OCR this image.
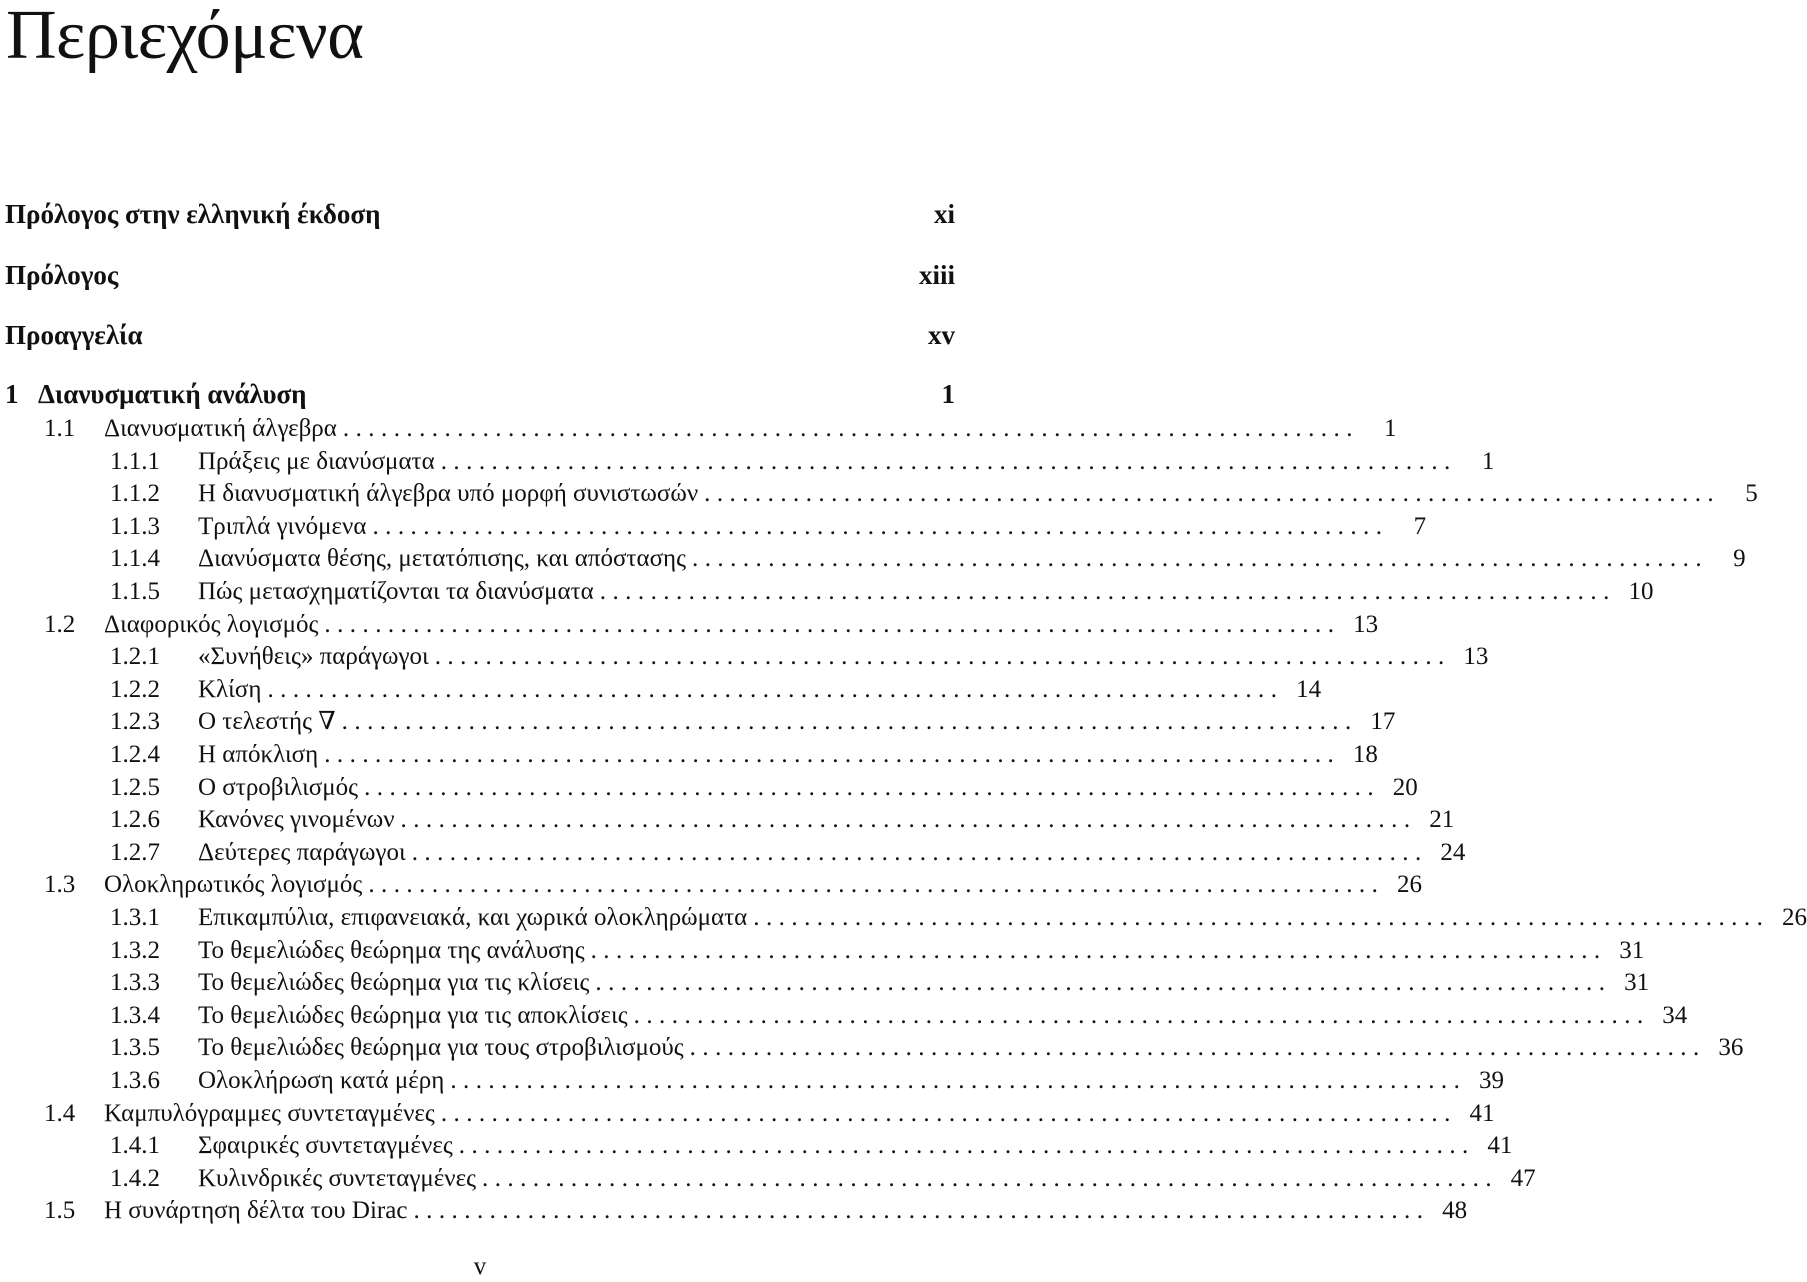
Περιεχόμενα
Πρόλογος στην ελληνική έκδοση	xi
Πρόλογος	xiii
Προαγγελία	xv
1 Διανυσματική ανάλυση	1
1.1	Διανυσματική άλγεβρα . . . . . . . . . . . . . . . . . . . . . . . . . . . . . . . . . . . . . . . . . . . . . . . . . . . . . . . . . . . . . . . . . . . . . . . . . . . . . . . .	1
1.1.1	Πράξεις με διανύσματα . . . . . . . . . . . . . . . . . . . . . . . . . . . . . . . . . . . . . . . . . . . . . . . . . . . . . . . . . . . . . . . . . . . . . . . . . . . . . . . .	1
1.1.2	Η διανυσματική άλγεβρα υπό μορφή συνιστωσών . . . . . . . . . . . . . . . . . . . . . . . . . . . . . . . . . . . . . . . . . . . . . . . . . . . . . . . . . . . . . . . . . . . . . . . . . . . . . . . .	5
1.1.3	Τριπλά γινόμενα . . . . . . . . . . . . . . . . . . . . . . . . . . . . . . . . . . . . . . . . . . . . . . . . . . . . . . . . . . . . . . . . . . . . . . . . . . . . . . . .	7
1.1.4	Διανύσματα θέσης, μετατόπισης, και απόστασης . . . . . . . . . . . . . . . . . . . . . . . . . . . . . . . . . . . . . . . . . . . . . . . . . . . . . . . . . . . . . . . . . . . . . . . . . . . . . . . .	9
1.1.5	Πώς μετασχηματίζονται τα διανύσματα . . . . . . . . . . . . . . . . . . . . . . . . . . . . . . . . . . . . . . . . . . . . . . . . . . . . . . . . . . . . . . . . . . . . . . . . . . . . . . . . 10
1.2	Διαφορικός λογισμός . . . . . . . . . . . . . . . . . . . . . . . . . . . . . . . . . . . . . . . . . . . . . . . . . . . . . . . . . . . . . . . . . . . . . . . . . . . . . . . . 13
1.2.1	«Συνήθεις» παράγωγοι . . . . . . . . . . . . . . . . . . . . . . . . . . . . . . . . . . . . . . . . . . . . . . . . . . . . . . . . . . . . . . . . . . . . . . . . . . . . . . . . 13
1.2.2	Κλίση . . . . . . . . . . . . . . . . . . . . . . . . . . . . . . . . . . . . . . . . . . . . . . . . . . . . . . . . . . . . . . . . . . . . . . . . . . . . . . . . 14
1.2.3	Ο τελεστής ∇ . . . . . . . . . . . . . . . . . . . . . . . . . . . . . . . . . . . . . . . . . . . . . . . . . . . . . . . . . . . . . . . . . . . . . . . . . . . . . . . . 17
1.2.4	Η απόκλιση . . . . . . . . . . . . . . . . . . . . . . . . . . . . . . . . . . . . . . . . . . . . . . . . . . . . . . . . . . . . . . . . . . . . . . . . . . . . . . . . 18
1.2.5	Ο στροβιλισμός . . . . . . . . . . . . . . . . . . . . . . . . . . . . . . . . . . . . . . . . . . . . . . . . . . . . . . . . . . . . . . . . . . . . . . . . . . . . . . . . 20
1.2.6	Κανόνες γινομένων . . . . . . . . . . . . . . . . . . . . . . . . . . . . . . . . . . . . . . . . . . . . . . . . . . . . . . . . . . . . . . . . . . . . . . . . . . . . . . . . 21
1.2.7	Δεύτερες παράγωγοι . . . . . . . . . . . . . . . . . . . . . . . . . . . . . . . . . . . . . . . . . . . . . . . . . . . . . . . . . . . . . . . . . . . . . . . . . . . . . . . . 24
1.3	Ολοκληρωτικός λογισμός . . . . . . . . . . . . . . . . . . . . . . . . . . . . . . . . . . . . . . . . . . . . . . . . . . . . . . . . . . . . . . . . . . . . . . . . . . . . . . . . 26
1.3.1	Επικαμπύλια, επιφανειακά, και χωρικά ολοκληρώματα . . . . . . . . . . . . . . . . . . . . . . . . . . . . . . . . . . . . . . . . . . . . . . . . . . . . . . . . . . . . . . . . . . . . . . . . . . . . . . . . 26
1.3.2	Το θεμελιώδες θεώρημα της ανάλυσης . . . . . . . . . . . . . . . . . . . . . . . . . . . . . . . . . . . . . . . . . . . . . . . . . . . . . . . . . . . . . . . . . . . . . . . . . . . . . . . . 31
1.3.3	Το θεμελιώδες θεώρημα για τις κλίσεις . . . . . . . . . . . . . . . . . . . . . . . . . . . . . . . . . . . . . . . . . . . . . . . . . . . . . . . . . . . . . . . . . . . . . . . . . . . . . . . . 31
1.3.4	Το θεμελιώδες θεώρημα για τις αποκλίσεις . . . . . . . . . . . . . . . . . . . . . . . . . . . . . . . . . . . . . . . . . . . . . . . . . . . . . . . . . . . . . . . . . . . . . . . . . . . . . . . . 34
1.3.5	Το θεμελιώδες θεώρημα για τους στροβιλισμούς . . . . . . . . . . . . . . . . . . . . . . . . . . . . . . . . . . . . . . . . . . . . . . . . . . . . . . . . . . . . . . . . . . . . . . . . . . . . . . . . 36
1.3.6	Ολοκλήρωση κατά μέρη . . . . . . . . . . . . . . . . . . . . . . . . . . . . . . . . . . . . . . . . . . . . . . . . . . . . . . . . . . . . . . . . . . . . . . . . . . . . . . . . 39
1.4	Καμπυλόγραμμες συντεταγμένες . . . . . . . . . . . . . . . . . . . . . . . . . . . . . . . . . . . . . . . . . . . . . . . . . . . . . . . . . . . . . . . . . . . . . . . . . . . . . . . . 41
1.4.1	Σφαιρικές συντεταγμένες . . . . . . . . . . . . . . . . . . . . . . . . . . . . . . . . . . . . . . . . . . . . . . . . . . . . . . . . . . . . . . . . . . . . . . . . . . . . . . . . 41
1.4.2	Κυλινδρικές συντεταγμένες . . . . . . . . . . . . . . . . . . . . . . . . . . . . . . . . . . . . . . . . . . . . . . . . . . . . . . . . . . . . . . . . . . . . . . . . . . . . . . . . 47
1.5	Η συνάρτηση δέλτα του Dirac . . . . . . . . . . . . . . . . . . . . . . . . . . . . . . . . . . . . . . . . . . . . . . . . . . . . . . . . . . . . . . . . . . . . . . . . . . . . . . . . 48
v
